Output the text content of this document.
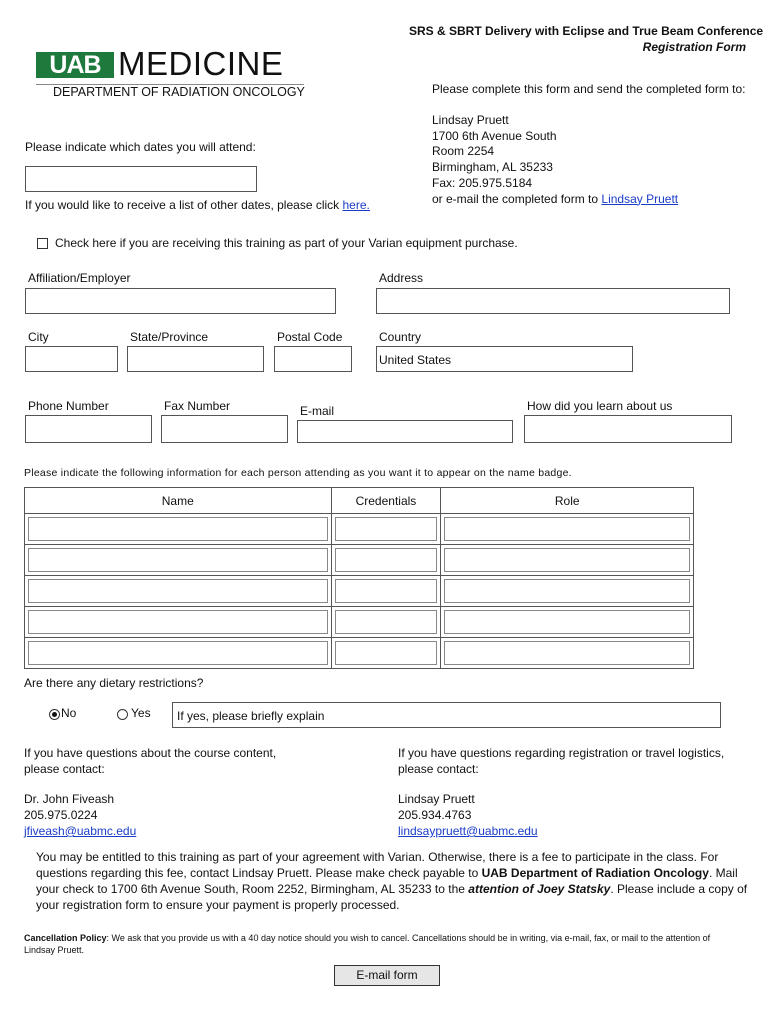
SRS & SBRT Delivery with Eclipse and True Beam Conference
Registration Form
UAB MEDICINE
DEPARTMENT OF RADIATION ONCOLOGY	Please complete this form and send the completed form to:
Lindsay Pruett
1700 6th Avenue South
Room 2254
Birmingham, AL 35233
Fax: 205.975.5184
or e-mail the completed form to Lindsay Pruett
Please indicate which dates you will attend:
If you would like to receive a list of other dates, please click here.
Check here if you are receiving this training as part of your Varian equipment purchase.
Affiliation/Employer	Address
City	State/Province	Postal Code	Country
United States
Phone Number	Fax Number	E-mail	How did you learn about us
Please indicate the following information for each person attending as you want it to appear on the name badge.
Name	Credentials	Role

Are there any dietary restrictions?
No	Yes	If yes, please briefly explain
If you have questions about the course content,
please contact:
Dr. John Fiveash
205.975.0224
jfiveash@uabmc.edu
If you have questions regarding registration or travel logistics,
please contact:
Lindsay Pruett
205.934.4763
lindsaypruett@uabmc.edu
You may be entitled to this training as part of your agreement with Varian. Otherwise, there is a fee to participate in the class. For
questions regarding this fee, contact Lindsay Pruett. Please make check payable to UAB Department of Radiation Oncology. Mail
your check to 1700 6th Avenue South, Room 2252, Birmingham, AL 35233 to the attention of Joey Statsky. Please include a copy of
your registration form to ensure your payment is properly processed.
Cancellation Policy: We ask that you provide us with a 40 day notice should you wish to cancel. Cancellations should be in writing, via e-mail, fax, or mail to the attention of
Lindsay Pruett.
E-mail form
